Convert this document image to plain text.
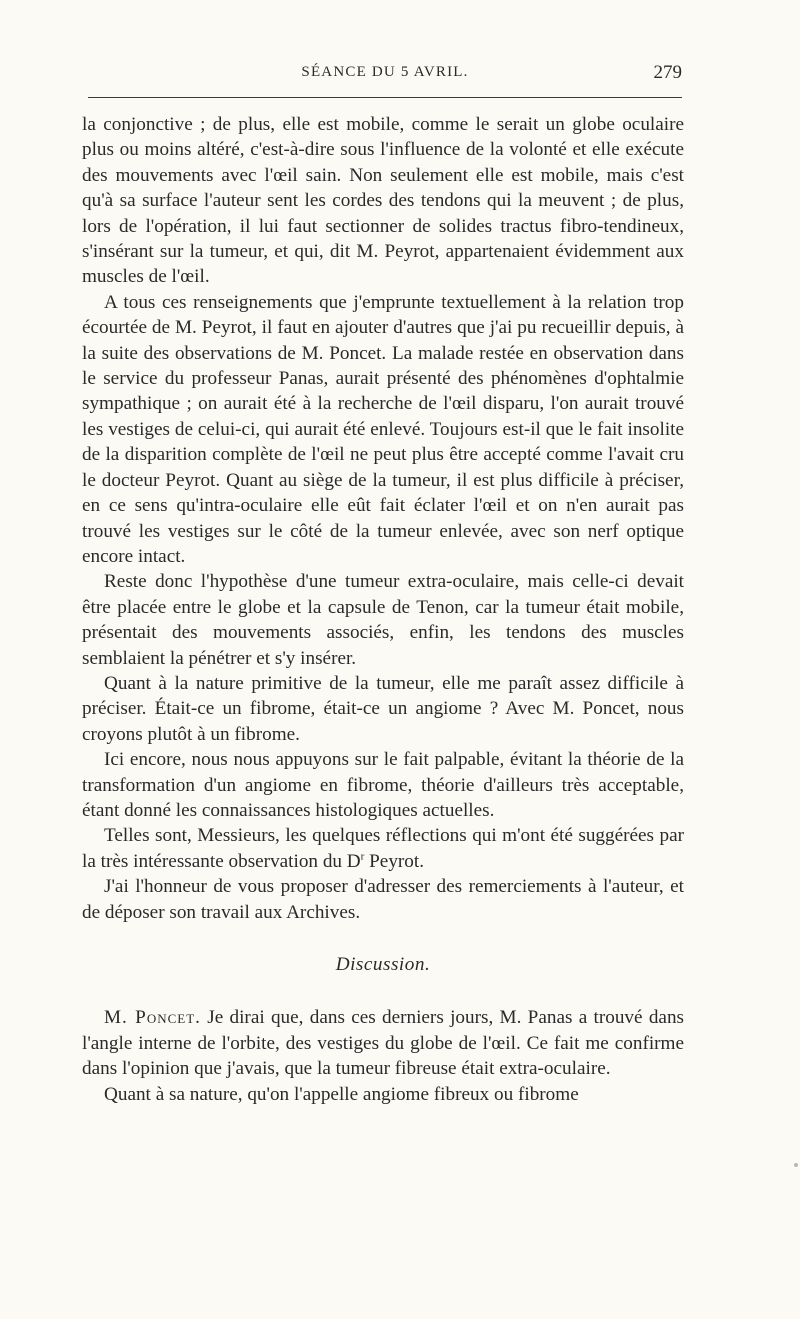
SÉANCE DU 5 AVRIL.	279

la conjonctive ; de plus, elle est mobile, comme le serait un globe oculaire plus ou moins altéré, c'est-à-dire sous l'influence de la volonté et elle exécute des mouvements avec l'œil sain. Non seulement elle est mobile, mais c'est qu'à sa surface l'auteur sent les cordes des tendons qui la meuvent ; de plus, lors de l'opération, il lui faut sectionner de solides tractus fibro-tendineux, s'insérant sur la tumeur, et qui, dit M. Peyrot, appartenaient évidemment aux muscles de l'œil.

A tous ces renseignements que j'emprunte textuellement à la relation trop écourtée de M. Peyrot, il faut en ajouter d'autres que j'ai pu recueillir depuis, à la suite des observations de M. Poncet. La malade restée en observation dans le service du professeur Panas, aurait présenté des phénomènes d'ophtalmie sympathique ; on aurait été à la recherche de l'œil disparu, l'on aurait trouvé les vestiges de celui-ci, qui aurait été enlevé. Toujours est-il que le fait insolite de la disparition complète de l'œil ne peut plus être accepté comme l'avait cru le docteur Peyrot. Quant au siège de la tumeur, il est plus difficile à préciser, en ce sens qu'intra-oculaire elle eût fait éclater l'œil et on n'en aurait pas trouvé les vestiges sur le côté de la tumeur enlevée, avec son nerf optique encore intact.

Reste donc l'hypothèse d'une tumeur extra-oculaire, mais celle-ci devait être placée entre le globe et la capsule de Tenon, car la tumeur était mobile, présentait des mouvements associés, enfin, les tendons des muscles semblaient la pénétrer et s'y insérer.

Quant à la nature primitive de la tumeur, elle me paraît assez difficile à préciser. Était-ce un fibrome, était-ce un angiome ? Avec M. Poncet, nous croyons plutôt à un fibrome.

Ici encore, nous nous appuyons sur le fait palpable, évitant la théorie de la transformation d'un angiome en fibrome, théorie d'ailleurs très acceptable, étant donné les connaissances histologiques actuelles.

Telles sont, Messieurs, les quelques réflections qui m'ont été suggérées par la très intéressante observation du $D^r$ Peyrot.

J'ai l'honneur de vous proposer d'adresser des remerciements à l'auteur, et de déposer son travail aux Archives.

Discussion.

M. Poncet. Je dirai que, dans ces derniers jours, M. Panas a trouvé dans l'angle interne de l'orbite, des vestiges du globe de l'œil. Ce fait me confirme dans l'opinion que j'avais, que la tumeur fibreuse était extra-oculaire.

Quant à sa nature, qu'on l'appelle angiome fibreux ou fibrome
